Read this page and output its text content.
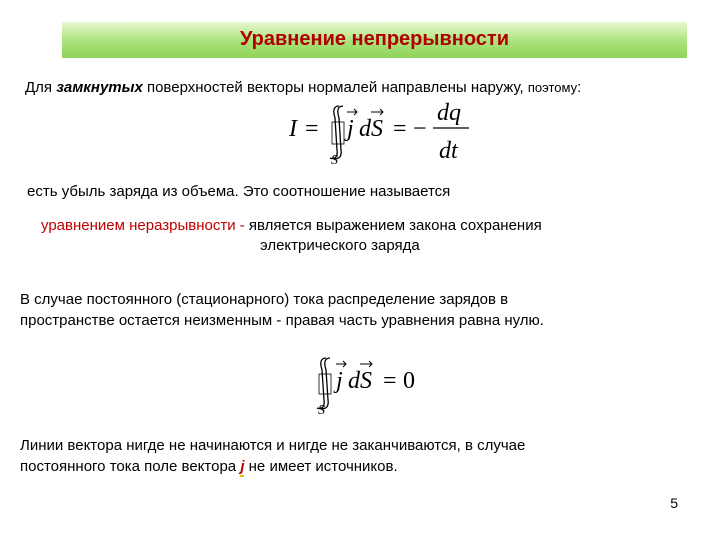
Уравнение непрерывности
Для замкнутых поверхностей векторы нормалей направлены наружу, поэтому:
I = j dS = −
dq
dt
S
есть убыль заряда из объема. Это соотношение называется
уравнением неразрывности - является выражением закона сохранения
электрического заряда
В случае постоянного (стационарного) тока распределение зарядов в
пространстве остается неизменным - правая часть уравнения равна нулю.
j dS = 0
S
Линии вектора нигде не начинаются и нигде не заканчиваются, в случае
постоянного тока поле вектора j не имеет источников.
5
